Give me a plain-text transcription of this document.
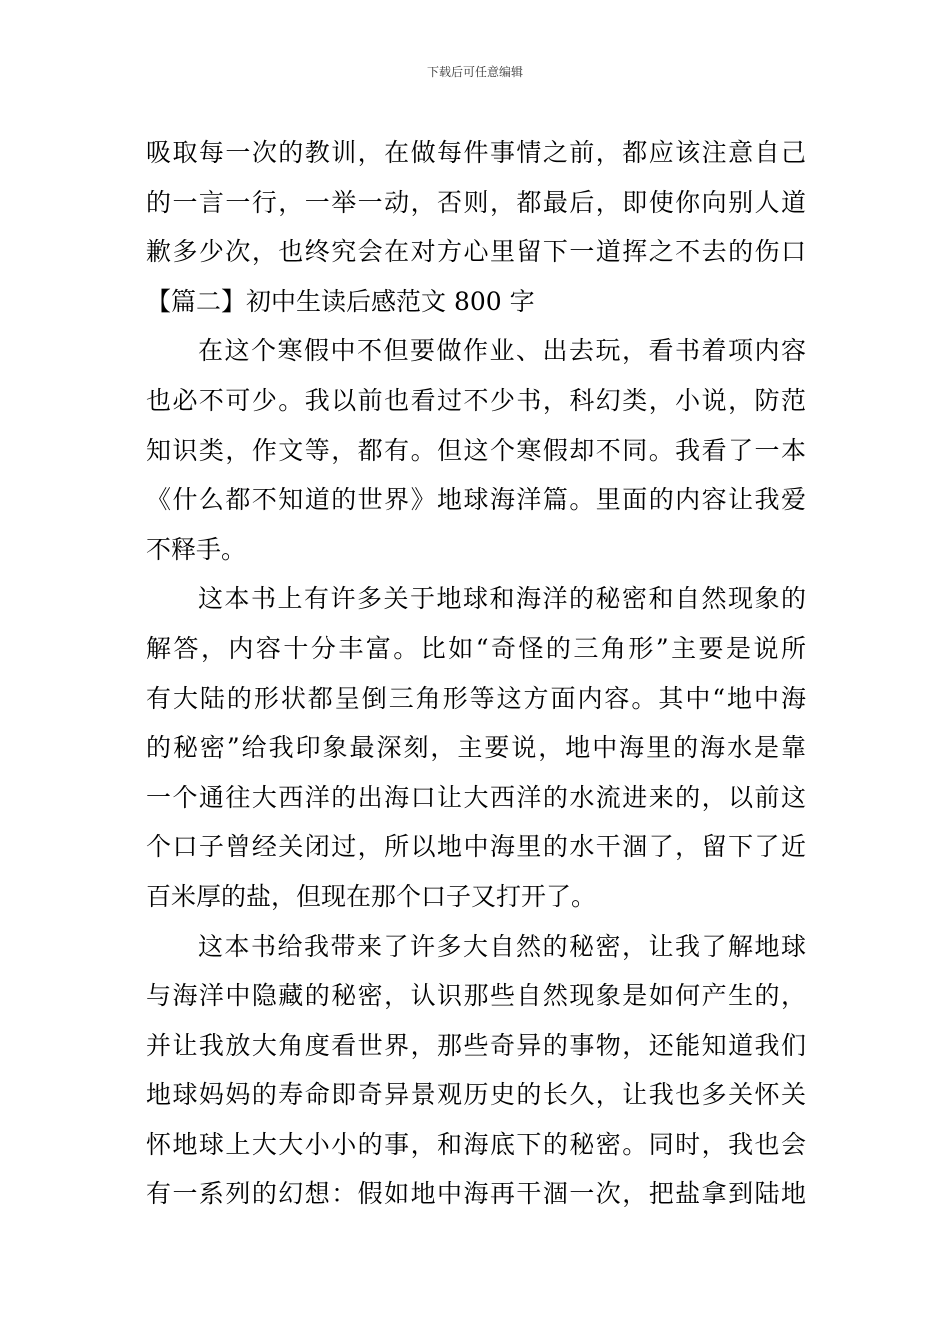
下载后可任意编辑
吸取每一次的教训，在做每件事情之前，都应该注意自己
的一言一行，一举一动，否则，都最后，即使你向别人道
歉多少次，也终究会在对方心里留下一道挥之不去的伤口
【篇二】初中生读后感范文 800 字
在这个寒假中不但要做作业、出去玩，看书着项内容
也必不可少。我以前也看过不少书，科幻类，小说，防范
知识类，作文等，都有。但这个寒假却不同。我看了一本
《什么都不知道的世界》地球海洋篇。里面的内容让我爱
不释手。
这本书上有许多关于地球和海洋的秘密和自然现象的
解答，内容十分丰富。比如“奇怪的三角形”主要是说所
有大陆的形状都呈倒三角形等这方面内容。其中“地中海
的秘密”给我印象最深刻，主要说，地中海里的海水是靠
一个通往大西洋的出海口让大西洋的水流进来的，以前这
个口子曾经关闭过，所以地中海里的水干涸了，留下了近
百米厚的盐，但现在那个口子又打开了。
这本书给我带来了许多大自然的秘密，让我了解地球
与海洋中隐藏的秘密，认识那些自然现象是如何产生的，
并让我放大角度看世界，那些奇异的事物，还能知道我们
地球妈妈的寿命即奇异景观历史的长久，让我也多关怀关
怀地球上大大小小的事，和海底下的秘密。同时，我也会
有一系列的幻想：假如地中海再干涸一次，把盐拿到陆地
